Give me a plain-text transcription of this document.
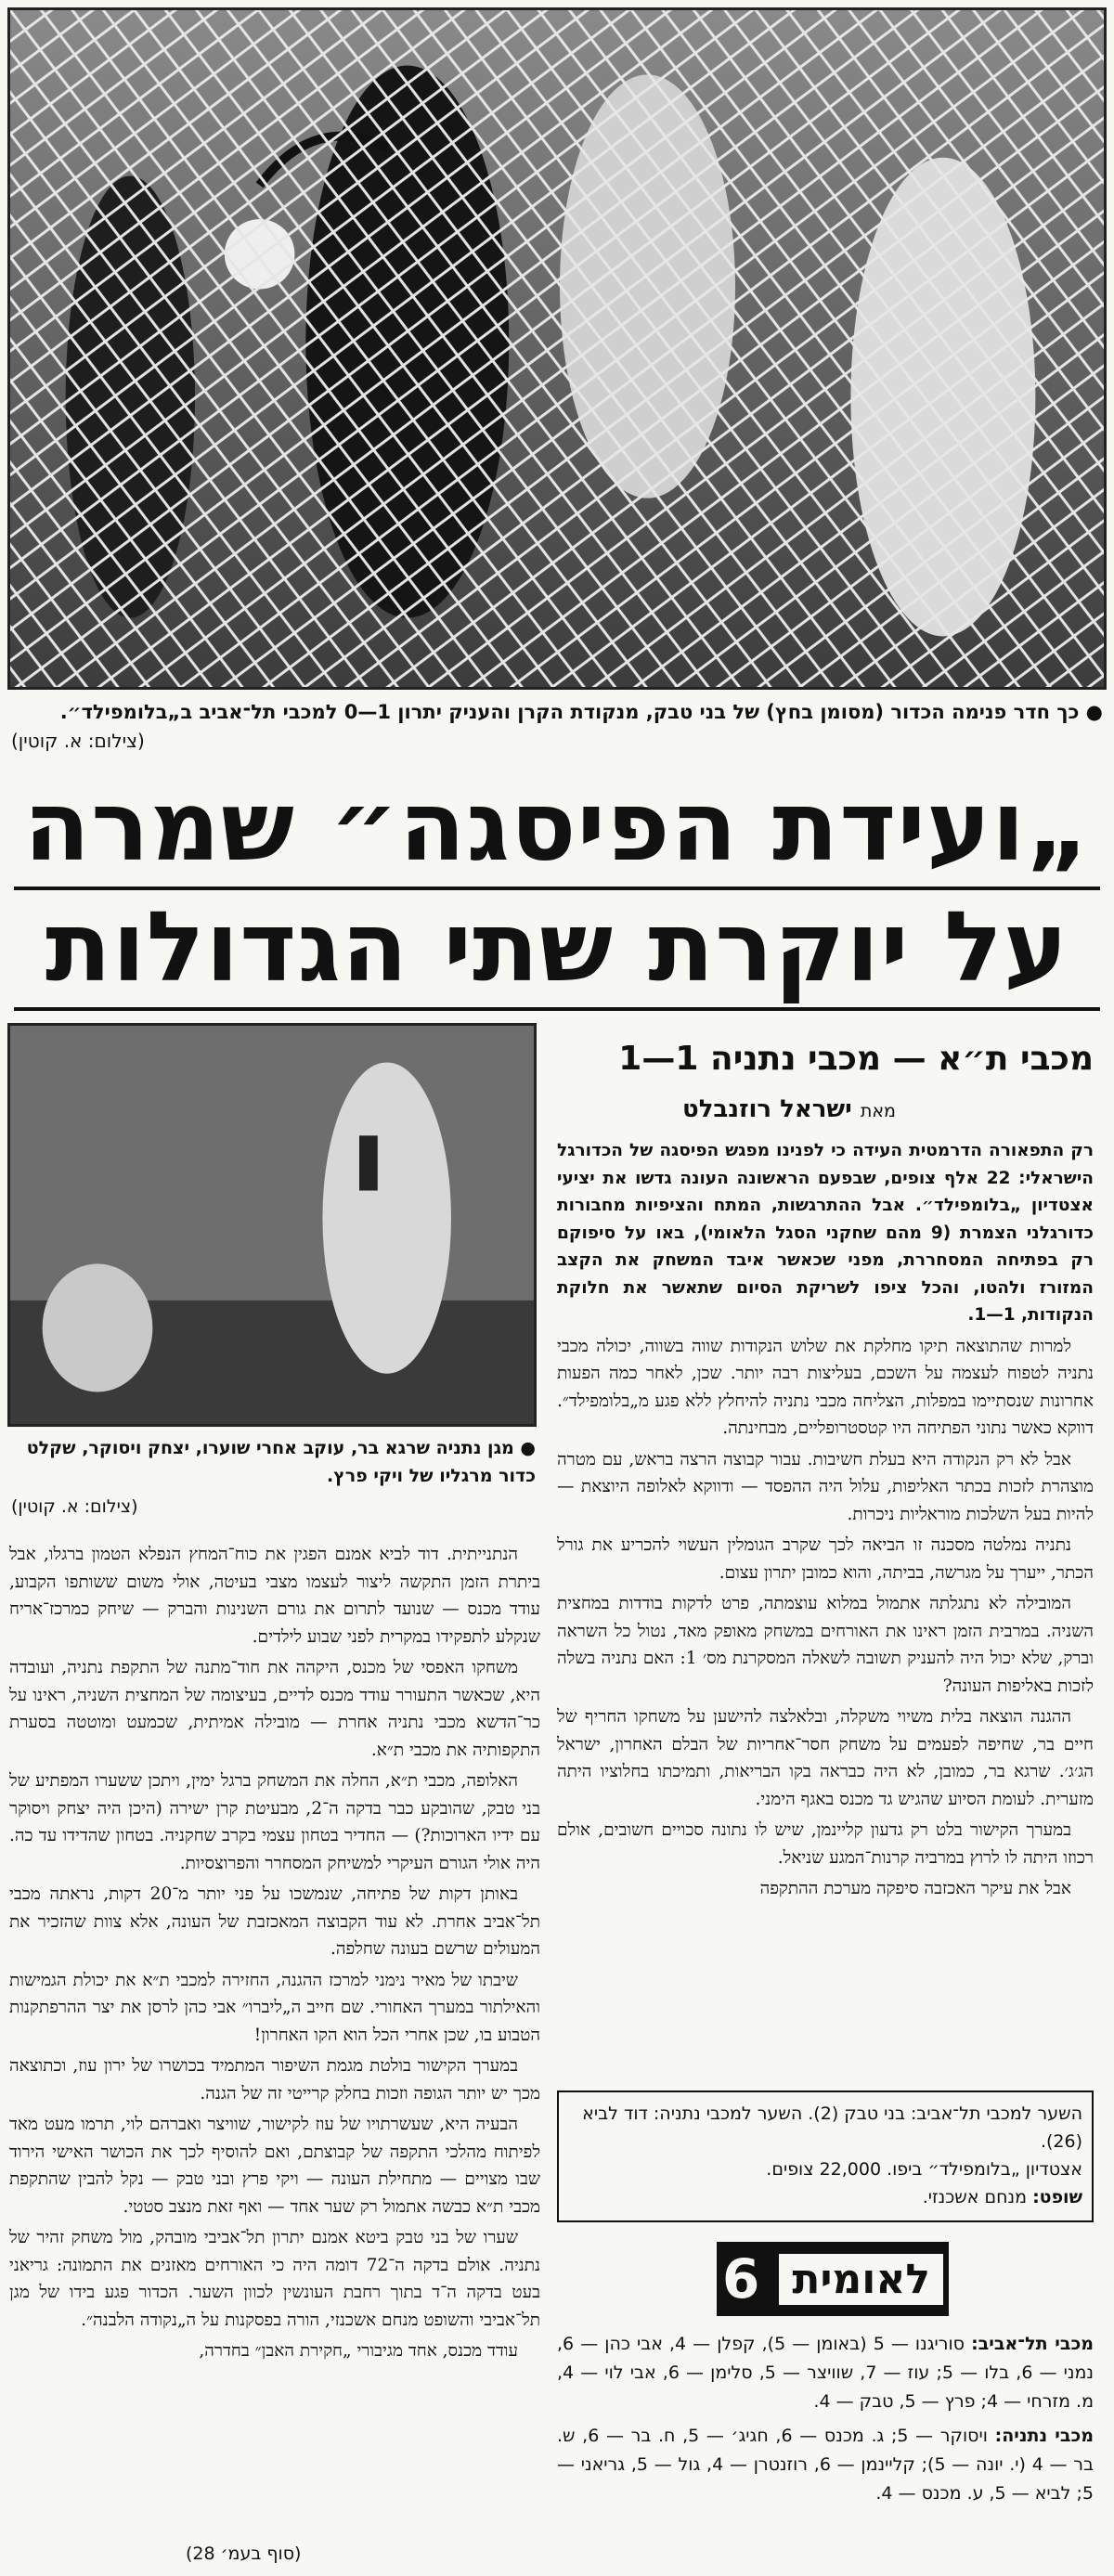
● כך חדר פנימה הכדור (מסומן בחץ) של בני טבק, מנקודת הקרן והעניק יתרון 1—0 למכבי תל־אביב ב„בלומפילד״.
(צילום: א. קוטין)
„ועידת הפיסגה״ שמרה
על יוקרת שתי הגדולות
● מגן נתניה שרגא בר, עוקב אחרי שוערו, יצחק ויסוקר, שקלט כדור מרגליו של ויקי פרץ.
(צילום: א. קוטין)
מכבי ת״א — מכבי נתניה 1—1
מאת ישראל רוזנבלט

רק התפאורה הדרמטית העידה כי לפנינו מפגש הפיסגה של הכדורגל הישראלי: 22 אלף צופים, שבפעם הראשונה העונה גדשו את יציעי אצטדיון „בלומפילד״. אבל ההתרגשות, המתח והציפיות מחבורות כדורגלני הצמרת (9 מהם שחקני הסגל הלאומי), באו על סיפוקם רק בפתיחה המסחררת, מפני שכאשר איבד המשחק את הקצב המזורז ולהטו, והכל ציפו לשריקת הסיום שתאשר את חלוקת הנקודות, 1—1.

למרות שהתוצאה תיקו מחלקת את שלוש הנקודות שווה בשווה, יכולה מכבי נתניה לטפוח לעצמה על השכם, בעליצות רבה יותר. שכן, לאחר כמה הפעות אחרונות שנסתיימו במפלות, הצליחה מכבי נתניה להיחלץ ללא פגע מ„בלומפילד״. דווקא כאשר נתוני הפתיחה היו קטסטרופליים, מבחינתה.

אבל לא רק הנקודה היא בעלת חשיבות. עבור קבוצה הרצה בראש, עם מטרה מוצהרת לזכות בכתר האליפות, עלול היה ההפסד — ודווקא לאלופה היוצאת — להיות בעל השלכות מוראליות ניכרות.

נתניה נמלטה מסכנה זו הביאה לכך שקרב הגומלין העשוי להכריע את גורל הכתר, ייערך על מגרשה, בביתה, והוא כמובן יתרון עצום.

המובילה לא נתגלתה אתמול במלוא עוצמתה, פרט לדקות בודדות במחצית השניה. במרבית הזמן ראינו את האורחים במשחק מאופק מאד, נטול כל השראה וברק, שלא יכול היה להעניק תשובה לשאלה המסקרנת מס׳ 1: האם נתניה בשלה לזכות באליפות העונה?

ההגנה הוצאה בלית משיוי משקלה, ובלאלצה להישען על משחקו החריף של חיים בר, שחיפה לפעמים על משחק חסר־אחריות של הבלם האחרון, ישראל הג׳ג׳. שרגא בר, כמובן, לא היה כבראה בקו הבריאות, ותמיכתו בחלוציו היתה מזערית. לעומת הסיוע שהגיש גד מכנס באגף הימני.

במערך הקישור בלט רק גדעון קליינמן, שיש לו נתונה סכויים חשובים, אולם רכוזו היתה לו לרוץ במרביה קרנות־המגע שניאל.

אבל את עיקר האכזבה סיפקה מערכת ההתקפה

הנתנייתית. דוד לביא אמנם הפגין את כוח־המחץ הנפלא הטמון ברגלו, אבל ביתרת הזמן התקשה ליצור לעצמו מצבי בעיטה, אולי משום ששותפו הקבוע, עודד מכנס — שנועד לתרום את גורם השנינות והברק — שיחק כמרכז־אריח שנקלע לתפקידו במקרית לפני שבוע לילדים.

משחקו האפסי של מכנס, היקהה את חוד־מתנה של התקפת נתניה, ועובדה היא, שכאשר התעורר עודד מכנס לדיים, בעיצומה של המחצית השניה, ראינו על כר־הדשא מכבי נתניה אחרת — מובילה אמיתית, שכמעט ומוטטה בסערת התקפותיה את מכבי ת״א.

האלופה, מכבי ת״א, החלה את המשחק ברגל ימין, ויתכן ששערו המפתיע של בני טבק, שהובקע כבר בדקה ה־2, מבעיטת קרן ישירה (היכן היה יצחק ויסוקר עם ידיו הארוכות?) — החדיר בטחון עצמי בקרב שחקניה. בטחון שהדידו עד כה. היה אולי הגורם העיקרי למשיחק המסחרר והפרוצסיות.

באותן דקות של פתיחה, שנמשכו על פני יותר מ־20 דקות, נראתה מכבי תל־אביב אחרת. לא עוד הקבוצה המאכזבת של העונה, אלא צוות שהזכיר את המעולים שרשם בעונה שחלפה.

שיבתו של מאיר נימני למרכז ההגנה, החזירה למכבי ת״א את יכולת הגמישות והאילתור במערך האחורי. שם חייב ה„ליברו״ אבי כהן לרסן את יצר ההרפתקנות הטבוע בו, שכן אחרי הכל הוא הקו האחרון!

במערך הקישור בולטת מגמת השיפור המתמיד בכושרו של ירון עוז, וכתוצאה מכך יש יותר הגופה וזכות בחלק קרייטי זה של הגנה.

הבעיה היא, שעשרתויו של עוז לקישור, שוויצר ואברהם לוי, תרמו מעט מאד לפיתוח מהלכי התקפה של קבוצתם, ואם להוסיף לכך את הכושר האישי הירוד שבו מצויים — מתחילת העונה — ויקי פרץ ובני טבק — נקל להבין שהתקפת מכבי ת״א כבשה אתמול רק שער אחד — ואף זאת מנצב סטטי.

שערו של בני טבק ביטא אמנם יתרון תל־אביבי מובהק, מול משחק זהיר של נתניה. אולם בדקה ה־72 דומה היה כי האורחים מאזנים את התמונה: גריאני בעט בדקה ה־ד בתוך רחבת העונשין לכוון השער. הכדור פגע בידו של מגן תל־אביבי והשופט מנחם אשכנזי, הורה בפסקנות על ה„נקודה הלבנה״.

עודד מכנס, אחד מגיבורי „חקירת האבן״ בחדרה,

(סוף בעמ׳ 28)
השער למכבי תל־אביב: בני טבק (2). השער למכבי נתניה: דוד לביא (26).
אצטדיון „בלומפילד״ ביפו. 22,000 צופים.
שופט: מנחם אשכנזי.
לאומית
6

מכבי תל־אביב: סוריגנו — 5 (באומן — 5), קפלן — 4, אבי כהן — 6, נמני — 6, בלו — 5; עוז — 7, שוויצר — 5, סלימן — 6, אבי לוי — 4, מ. מזרחי — 4; פרץ — 5, טבק — 4.

מכבי נתניה: ויסוקר — 5; ג. מכנס — 6, חגיג׳ — 5, ח. בר — 6, ש. בר — 4 (י. יונה — 5); קליינמן — 6, רוזנטרן — 4, גול — 5, גריאני — 5; לביא — 5, ע. מכנס — 4.
